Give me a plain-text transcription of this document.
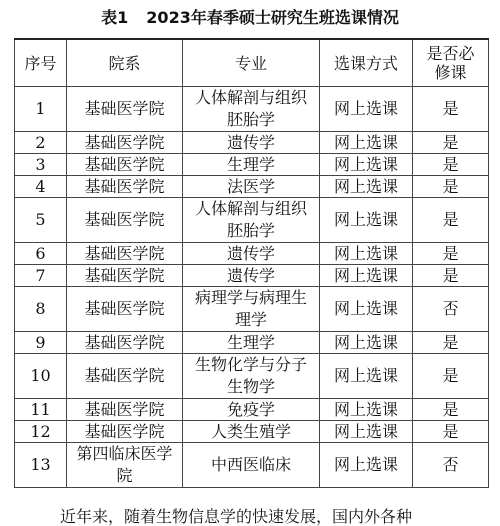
表1 2023年春季硕士研究生班选课情况
序号	院系	专业	选课方式	是否必修课
1	基础医学院	人体解剖与组织胚胎学	网上选课	是
2	基础医学院	遗传学	网上选课	是
3	基础医学院	生理学	网上选课	是
4	基础医学院	法医学	网上选课	是
5	基础医学院	人体解剖与组织胚胎学	网上选课	是
6	基础医学院	遗传学	网上选课	是
7	基础医学院	遗传学	网上选课	是
8	基础医学院	病理学与病理生理学	网上选课	否
9	基础医学院	生理学	网上选课	是
10	基础医学院	生物化学与分子生物学	网上选课	是
11	基础医学院	免疫学	网上选课	是
12	基础医学院	人类生殖学	网上选课	是
13	第四临床医学院	中西医临床	网上选课	否
近年来，随着生物信息学的快速发展，国内外各种
